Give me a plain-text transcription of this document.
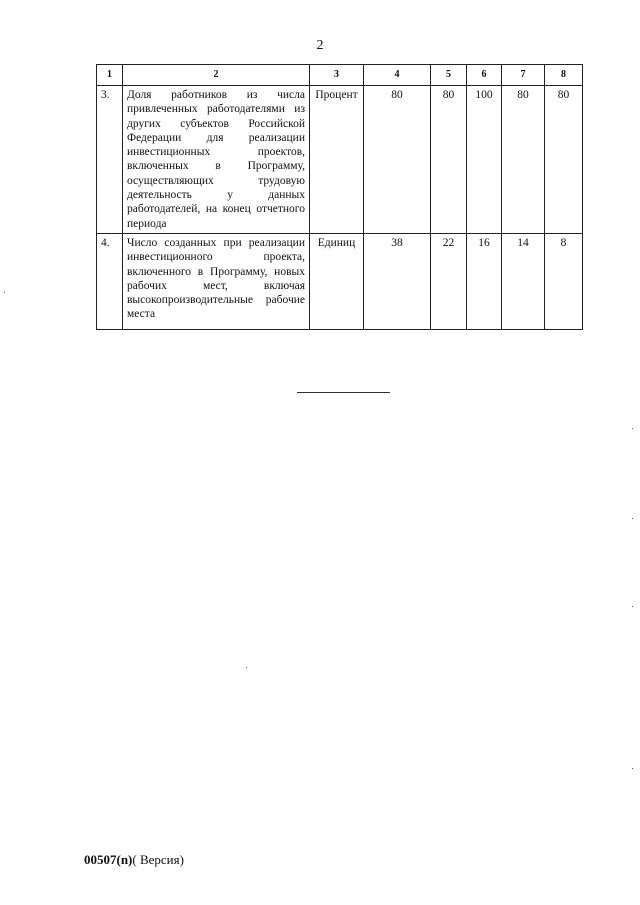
2
1	2	3	4	5	6	7	8
3.	Доля работников из числа привлеченных работодателями из других субъектов Российской Федерации для реализации инвестиционных проектов, включенных в Программу, осуществляющих трудовую деятельность у данных работодателей, на конец отчетного периода	Процент	80	80	100	80	80
4.	Число созданных при реализации инвестиционного проекта, включенного в Программу, новых рабочих мест, включая высокопроизводительные рабочие места	Единиц	38	22	16	14	8
00507(n)( Версия)
